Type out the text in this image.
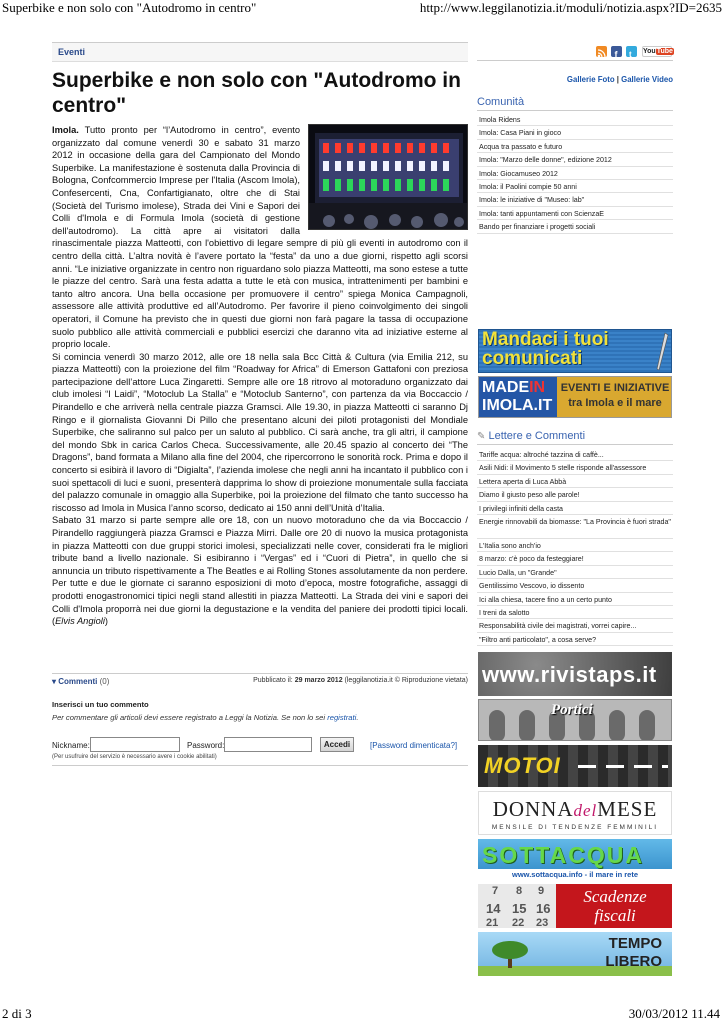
Superbike e non solo con "Autodromo in centro"	http://www.leggilanotizia.it/moduli/notizia.aspx?ID=2635
Eventi
Superbike e non solo con "Autodromo in centro"

Imola. Tutto pronto per “l’Autodromo in centro”, evento organizzato dal comune venerdì 30 e sabato 31 marzo 2012 in occasione della gara del Campionato del Mondo Superbike. La manifestazione è sostenuta dalla Provincia di Bologna, Confcommercio Imprese per l'Italia (Ascom Imola), Confesercenti, Cna, Confartigianato, oltre che di Stai (Società del Turismo imolese), Strada dei Vini e Sapori dei Colli d'Imola e di Formula Imola (società di gestione dell'autodromo). La città apre ai visitatori dalla rinascimentale piazza Matteotti, con l'obiettivo di legare sempre di più gli eventi in autodromo con il centro della città. L’altra novità è l’avere portato la “festa” da uno a due giorni, rispetto agli scorsi anni. “Le iniziative organizzate in centro non riguardano solo piazza Matteotti, ma sono estese a tutte le piazze del centro. Sarà una festa adatta a tutte le età con musica, intrattenimenti per bambini e tanto altro ancora. Una bella occasione per promuovere il centro” spiega Monica Campagnoli, assessore alle attività produttive ed all’Autodromo. Per favorire il pieno coinvolgimento dei singoli operatori, il Comune ha previsto che in questi due giorni non farà pagare la tassa di occupazione suolo pubblico alle attività commerciali e pubblici esercizi che daranno vita ad iniziative esterne al proprio locale.

Si comincia venerdì 30 marzo 2012, alle ore 18 nella sala Bcc Città & Cultura (via Emilia 212, su piazza Matteotti) con la proiezione del film “Roadway for Africa” di Emerson Gattafoni con preziosa partecipazione dell’attore Luca Zingaretti. Sempre alle ore 18 ritrovo al motoraduno organizzato dai club imolesi “I Laidi”, “Motoclub La Stalla” e “Motoclub Santerno”, con partenza da via Boccaccio / Pirandello e che arriverà nella centrale piazza Gramsci. Alle 19.30, in piazza Matteotti ci saranno Dj Ringo e il giornalista Giovanni Di Pillo che presentano alcuni dei piloti protagonisti del Mondiale Superbike, che saliranno sul palco per un saluto al pubblico. Ci sarà anche, tra gli altri, il campione del mondo Sbk in carica Carlos Checa. Successivamente, alle 20.45 spazio al concerto dei “The Dragons”, band formata a Milano alla fine del 2004, che ripercorrono le sonorità rock. Prima e dopo il concerto si esibirà il lavoro di “Digialta”, l’azienda imolese che negli anni ha incantato il pubblico con i suoi spettacoli di luci e suoni, presenterà dapprima lo show di proiezione monumentale sulla facciata del palazzo comunale in omaggio alla Superbike, poi la proiezione del filmato che tanto successo ha riscosso ad Imola in Musica l’anno scorso, dedicato ai 150 anni dell’Unità d’Italia.

Sabato 31 marzo si parte sempre alle ore 18, con un nuovo motoraduno che da via Boccaccio / Pirandello raggiungerà piazza Gramsci e Piazza Mirri. Dalle ore 20 di nuovo la musica protagonista in piazza Matteotti con due gruppi storici imolesi, specializzati nelle cover, considerati fra le migliori tribute band a livello nazionale. Si esibiranno i “Vergas” ed i “Cuori di Pietra”, in quello che si annuncia un tributo rispettivamente a The Beatles e ai Rolling Stones assolutamente da non perdere.

Per tutte e due le giornate ci saranno esposizioni di moto d’epoca, mostre fotografiche, assaggi di prodotti enogastronomici tipici negli stand allestiti in piazza Matteotti. La Strada dei vini e sapori dei Colli d'Imola proporrà nei due giorni la degustazione e la vendita del paniere dei prodotti tipici locali. (Elvis Angioli)

▾ Commenti (0)	Pubblicato il: 29 marzo 2012 (leggilanotizia.it © Riproduzione vietata)
Inserisci un tuo commento
Per commentare gli articoli devi essere registrato a Leggi la Notizia. Se non lo sei registrati.
Nickname:	Password:	Accedi	[Password dimenticata?]
(Per usufruire del servizio è necessario avere i cookie abilitati)
f t YouTube
Gallerie Foto | Gallerie Video
Comunità
Imola Ridens
Imola: Casa Piani in gioco
Acqua tra passato e futuro
Imola: "Marzo delle donne", edizione 2012
Imola: Giocamuseo 2012
Imola: il Paolini compie 50 anni
Imola: le iniziative di "Museo: lab"
Imola: tanti appuntamenti con ScienzaE
Bando per finanziare i progetti sociali
Mandaci i tuoi comunicati
MADEIN
IMOLA.IT
EVENTI E INIZIATIVE
tra Imola e il mare
✎ Lettere e Commenti
Tariffe acqua: altroché tazzina di caffè...
Asili Nidi: il Movimento 5 stelle risponde all'assessore
Lettera aperta di Luca Abbà
Diamo il giusto peso alle parole!
I privilegi infiniti della casta
Energie rinnovabili da biomasse: "La Provincia è fuori strada"
L'Italia sono anch'io
8 marzo: c'è poco da festeggiare!
Lucio Dalla, un "Grande"
Gentilissimo Vescovo, io dissento
Ici alla chiesa, tacere fino a un certo punto
I treni da salotto
Responsabilità civile dei magistrati, vorrei capire...
"Filtro anti particolato", a cosa serve?
www.rivistaps.it
Portici
MOTOI
DONNAdelMESE
MENSILE DI TENDENZE FEMMINILI
SOTTACQUA
www.sottacqua.info - il mare in rete
7 8 9
14 15 16
21 22 23
Scadenze
fiscali
TEMPO
LIBERO
2 di 3	30/03/2012 11.44
